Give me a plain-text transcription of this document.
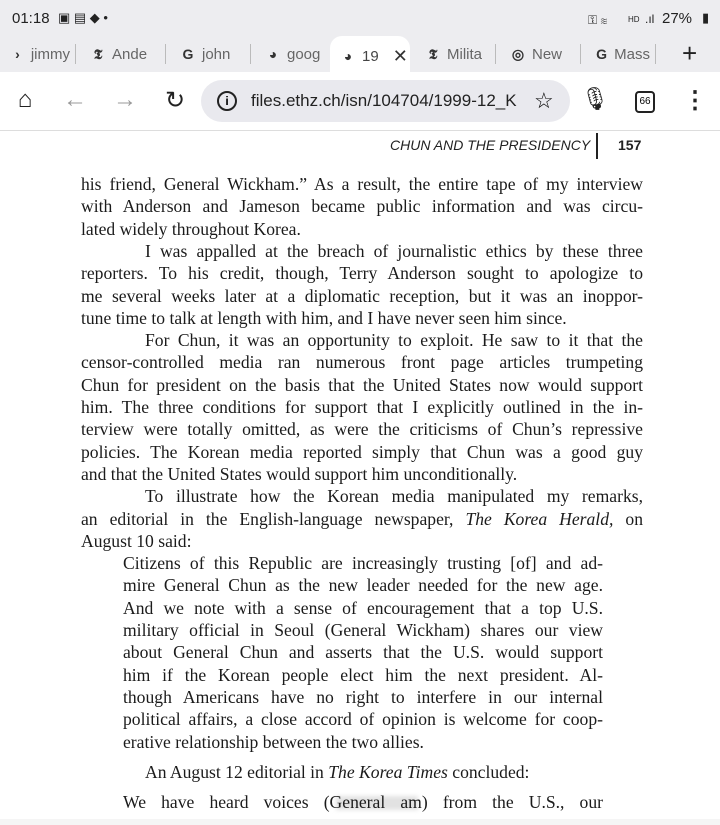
01:18 ▣ ▤ ◆ •	⚿ ≋	HD .ıl 27% ▮
› jimmy 𝕿 Ande	G john	◕ goog ◕ 19 ✕ 𝕿 Milita ◎ New G Mass +
⌂	← → ↻	i	files.ethz.ch/isn/104704/1999-12_K ☆ 🎙	66 ⋮
CHUN AND THE PRESIDENCY 157
his friend, General Wickham.” As a result, the entire tape of my interview
with Anderson and Jameson became public information and was circu-
lated widely throughout Korea.
I was appalled at the breach of journalistic ethics by these three
reporters. To his credit, though, Terry Anderson sought to apologize to
me several weeks later at a diplomatic reception, but it was an inoppor-
tune time to talk at length with him, and I have never seen him since.
For Chun, it was an opportunity to exploit. He saw to it that the
censor-controlled media ran numerous front page articles trumpeting
Chun for president on the basis that the United States now would support
him. The three conditions for support that I explicitly outlined in the in-
terview were totally omitted, as were the criticisms of Chun’s repressive
policies. The Korean media reported simply that Chun was a good guy
and that the United States would support him unconditionally.
To illustrate how the Korean media manipulated my remarks,
an editorial in the English-language newspaper, The Korea Herald, on
August 10 said:
Citizens of this Republic are increasingly trusting [of] and ad-
mire General Chun as the new leader needed for the new age.
And we note with a sense of encouragement that a top U.S.
military official in Seoul (General Wickham) shares our view
about General Chun and asserts that the U.S. would support
him if the Korean people elect him the next president. Al-
though Americans have no right to interfere in our internal
political affairs, a close accord of opinion is welcome for coop-
erative relationship between the two allies.
An August 12 editorial in The Korea Times concluded:
We have heard voices (General am) from the U.S., our
